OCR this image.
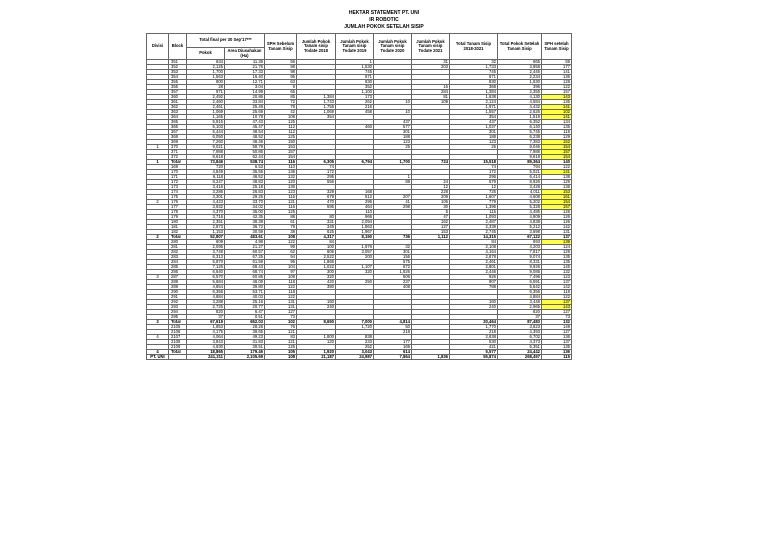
HEKTAR STATEMENT PT. UNI
IR ROBOTIC
JUMLAH POKOK SETELAH SISIP
Divisi	Block	Total final per 30 Sep'17***		SPH Sebelum Tanam Sisip	Jumlah Pokok Tanam sisip Todate 2018	Jumlah Pokok Tanam sisip Todate 2019	Jumlah Pokok Tanam sisip Todate 2020	Jumlah Pokok Tanam sisip Todate 2021	Total Tanam Sisip 2018-2021	Total Pokok Setelah Tanam Sisip	SPH setelah Tanam Sisip
		Pokok	Area Diusahakan (Ha)								
	351	634	11.35	56		1		31	32	665	59
	352	2,125	21.76	98		1,530		203	1,733	3,858	177
	353	1,700	17.33	98		745			745	2,445	141
	354	1,563	16.40	95		671			671	2,234	136
	355	800	12.71	63		830			830	1,630	128
	356	28	3.04	9		352		16	368	396	122
	357	971	14.99	65		1,100		284	1,384	2,355	157
	360	2,492	20.86	85	1,384	173		81	1,638	4,130	143
	361	2,460	33.84	72	1,743	262	10	109	2,124	4,584	135
	362	2,461	25.49	78	1,755	216			1,971	4,432	141
	363	1,069	25.69	42	1,069	458	10		1,557	2,626	102
	364	1,165	10.78	108	354				354	1,519	141
	365	5,915	47.43	125			437		437	6,352	134
	366	5,103	45.47	112		460	577		1,037	6,140	135
	367	5,444	48.54	112			301		301	5,745	118
	368	6,050	48.52	125			188		188	6,238	129
	369	7,260	48.46	150			123		123	7,383	152
1	370	9,021	58.79	153			25		25	9,046	154
	371	7,988	50.86	157						7,988	157
	372	9,618	62.44	154						9,618	154
1	Total	73,846	538.74	116	6,305	6,794	1,700	724	15,518	89,364	140
	169	720	6.53	110	74				74	794	122
	170	4,849	35.55	136	172				172	5,021	141
	171	6,118	46.52	132	295		1		296	6,414	138
	172	8,247	48.83	120	556		88	24	679	8,926	129
	173	3,416	25.18	136				12	12	3,428	136
	174	3,286	26.83	123	329	168		228	725	4,011	153
	175	3,301	29.25	116	679	512	207	209	1,607	4,608	161
2	176	4,423	33.70	131	470	296	41	106	779	5,202	154
	177	3,932	34.02	116	595	464	298	30	1,396	5,328	157
	178	4,370	35.00	125		110		5	115	4,485	128
	179	3,716	42.35	88	80	966		47	1,093	4,809	126
	180	2,351	38.39	61	331	2,094		162	2,487	4,838	126
	181	2,873	36.72	78	349	1,863		127	2,339	5,212	142
	182	1,153	30.59	38	625	1,967		153	2,745	3,898	131
2	Total	52,807	483.61	108	4,317	8,150	736	1,112	14,315	67,122	137
	280	609	4.98	122	84				84	693	139
	281	2,095	21.27	99	100	1,976	32		2,108	4,203	124
	282	3,748	60.57	62	806	3,057	301		4,164	7,817	129
	283	6,313	67.25	94	2,522	200	156		2,878	9,074	135
	284	5,870	61.59	95	1,866		575		2,461	8,331	135
	285	7,126	68.43	104	1,022	1,107	672		2,801	9,926	145
	286	6,640	68.74	97	300	320	1,826		2,446	9,085	132
3	287	6,570	60.86	108	320		606		926	7,496	123
	288	5,684	48.09	118	420	250	237		907	6,591	137
	289	4,854	39.80	122	380		408		788	5,642	142
	290	6,356	53.71	118						6,356	118
	291	4,884	40.03	122						4,884	122
	292	3,288	25.16	131	160				160	3,448	137
	293	2,725	20.77	131	240				240	2,965	143
	294	820	6.47	127						820	127
	295	37	0.51	73						37	73
3	Total	67,619	652.03	102	8,650	7,000	4,814		20,464	87,483	132
	2105	1,853	28.28	76		1,720	50		1,770	3,623	149
	2106	4,175	39.65	121			218		218	4,393	127
4	2107	4,064	49.23	83	1,800	838			2,638	6,702	136
	2108	3,843	31.83	121	120	233	177		530	4,373	137
	2109	4,930	39.51	125		252	169		421	5,351	135
4	Total	18,865	179.46	105	1,920	3,043	614		5,577	24,442	136
PT. UNI		241,311	2,105.69	108	21,187	24,987	7,864	1,836	55,874	268,457	115
